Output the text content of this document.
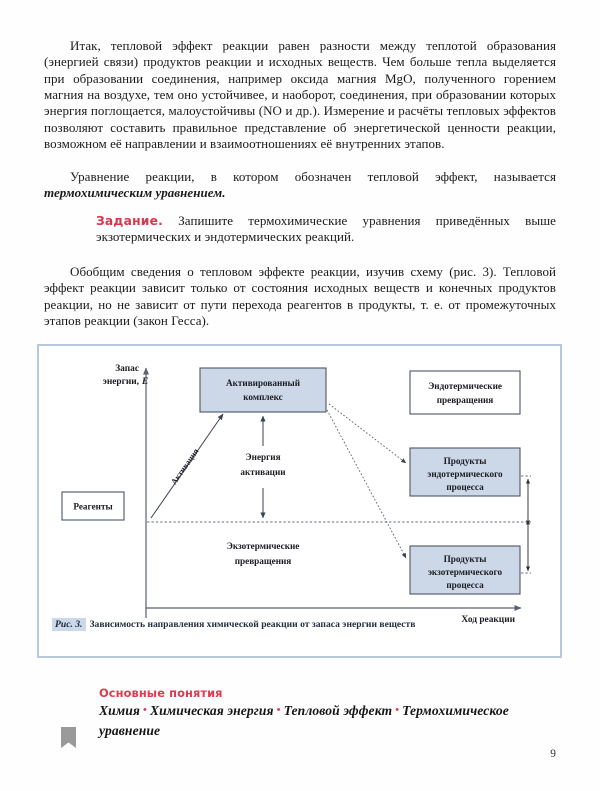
Итак, тепловой эффект реакции равен разности между теплотой образования (энергией связи) продуктов реакции и исходных веществ. Чем больше тепла выделяется при образовании соединения, например оксида магния MgO, полученного горением магния на воздухе, тем оно устойчивее, и наоборот, соединения, при образовании которых энергия поглощается, малоустойчивы (NO и др.). Измерение и расчёты тепловых эффектов позволяют составить правильное представление об энергетической ценности реакции, возможном её направлении и взаимоотношениях её внутренних этапов.

Уравнение реакции, в котором обозначен тепловой эффект, называется термохимическим уравнением.

Задание. Запишите термохимические уравнения приведённых выше экзотермических и эндотермических реакций.

Обобщим сведения о тепловом эффекте реакции, изучив схему (рис. 3). Тепловой эффект реакции зависит только от состояния исходных веществ и конечных продуктов реакции, но не зависит от пути перехода реагентов в продукты, т. е. от промежуточных этапов реакции (закон Гесса).

Запас
энергии, E
Ход реакции
Реагенты
Активация
Активированный
комплекс
Энергия
активации
Эндотермические
превращения
Продукты
эндотермического
процесса
Экзотермические
превращения	Продукты
экзотермического
процесса
Рис. 3. Зависимость направления химической реакции от запаса энергии веществ
Основные понятия
Химия • Химическая энергия • Тепловой эффект • Термохимическое уравнение
9
